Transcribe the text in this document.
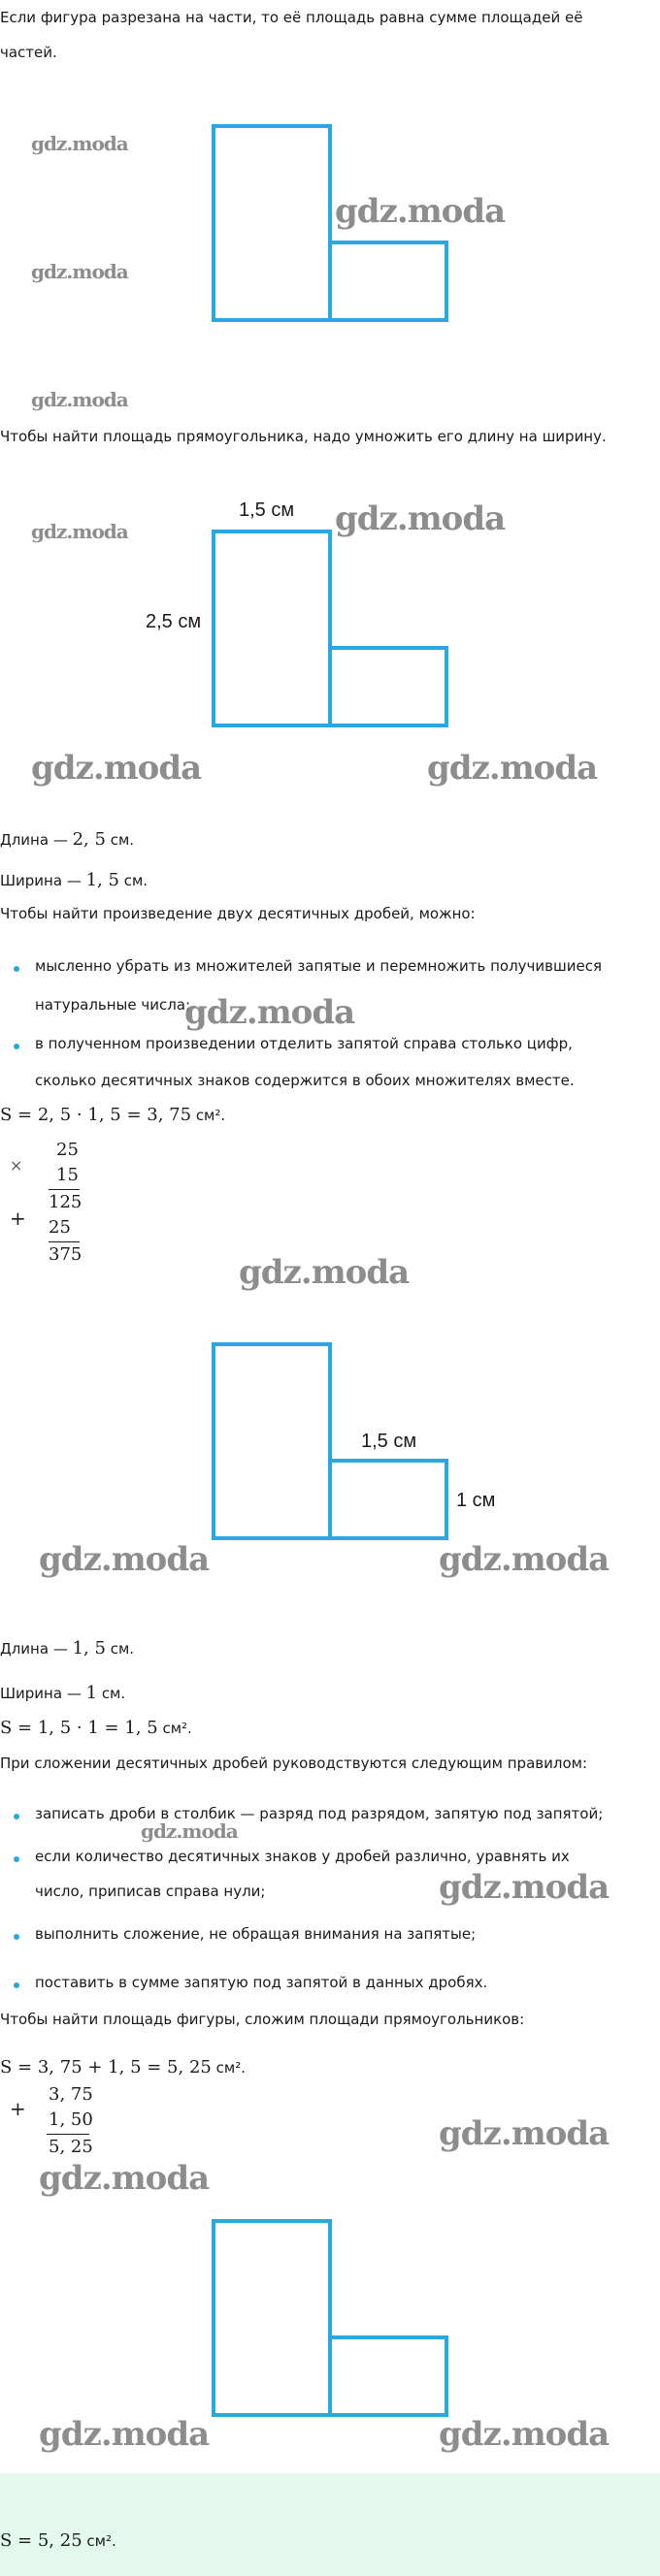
Если фигура разрезана на части, то её площадь равна сумме площадей её
частей.
gdz.moda
gdz.moda
gdz.moda
gdz.moda
Чтобы найти площадь прямоугольника, надо умножить его длину на ширину.
1,5 см
2,5 см
gdz.moda	gdz.moda
gdz.moda	gdz.moda
Длина — 2, 5 см.
Ширина — 1, 5 см.
Чтобы найти произведение двух десятичных дробей, можно:
мысленно убрать из множителей запятые и перемножить получившиеся
натуральные числа;
gdz.moda
в полученном произведении отделить запятой справа столько цифр,
сколько десятичных знаков содержится в обоих множителях вместе.
S = 2, 5 · 1, 5 = 3, 75 см².
×
25
15
+
125
25
375	gdz.moda
1,5 см
1 см
gdz.moda	gdz.moda
Длина — 1, 5 см.
Ширина — 1 см.
S = 1, 5 · 1 = 1, 5 см².
При сложении десятичных дробей руководствуются следующим правилом:
записать дроби в столбик — разряд под разрядом, запятую под запятой;
gdz.moda
если количество десятичных знаков у дробей различно, уравнять их
число, приписав справа нули;	gdz.moda
выполнить сложение, не обращая внимания на запятые;
поставить в сумме запятую под запятой в данных дробях.
Чтобы найти площадь фигуры, сложим площади прямоугольников:
S = 3, 75 + 1, 5 = 5, 25 см².
+
3, 75
1, 50
5, 25	gdz.moda
gdz.moda
gdz.moda	gdz.moda
S = 5, 25 см².
